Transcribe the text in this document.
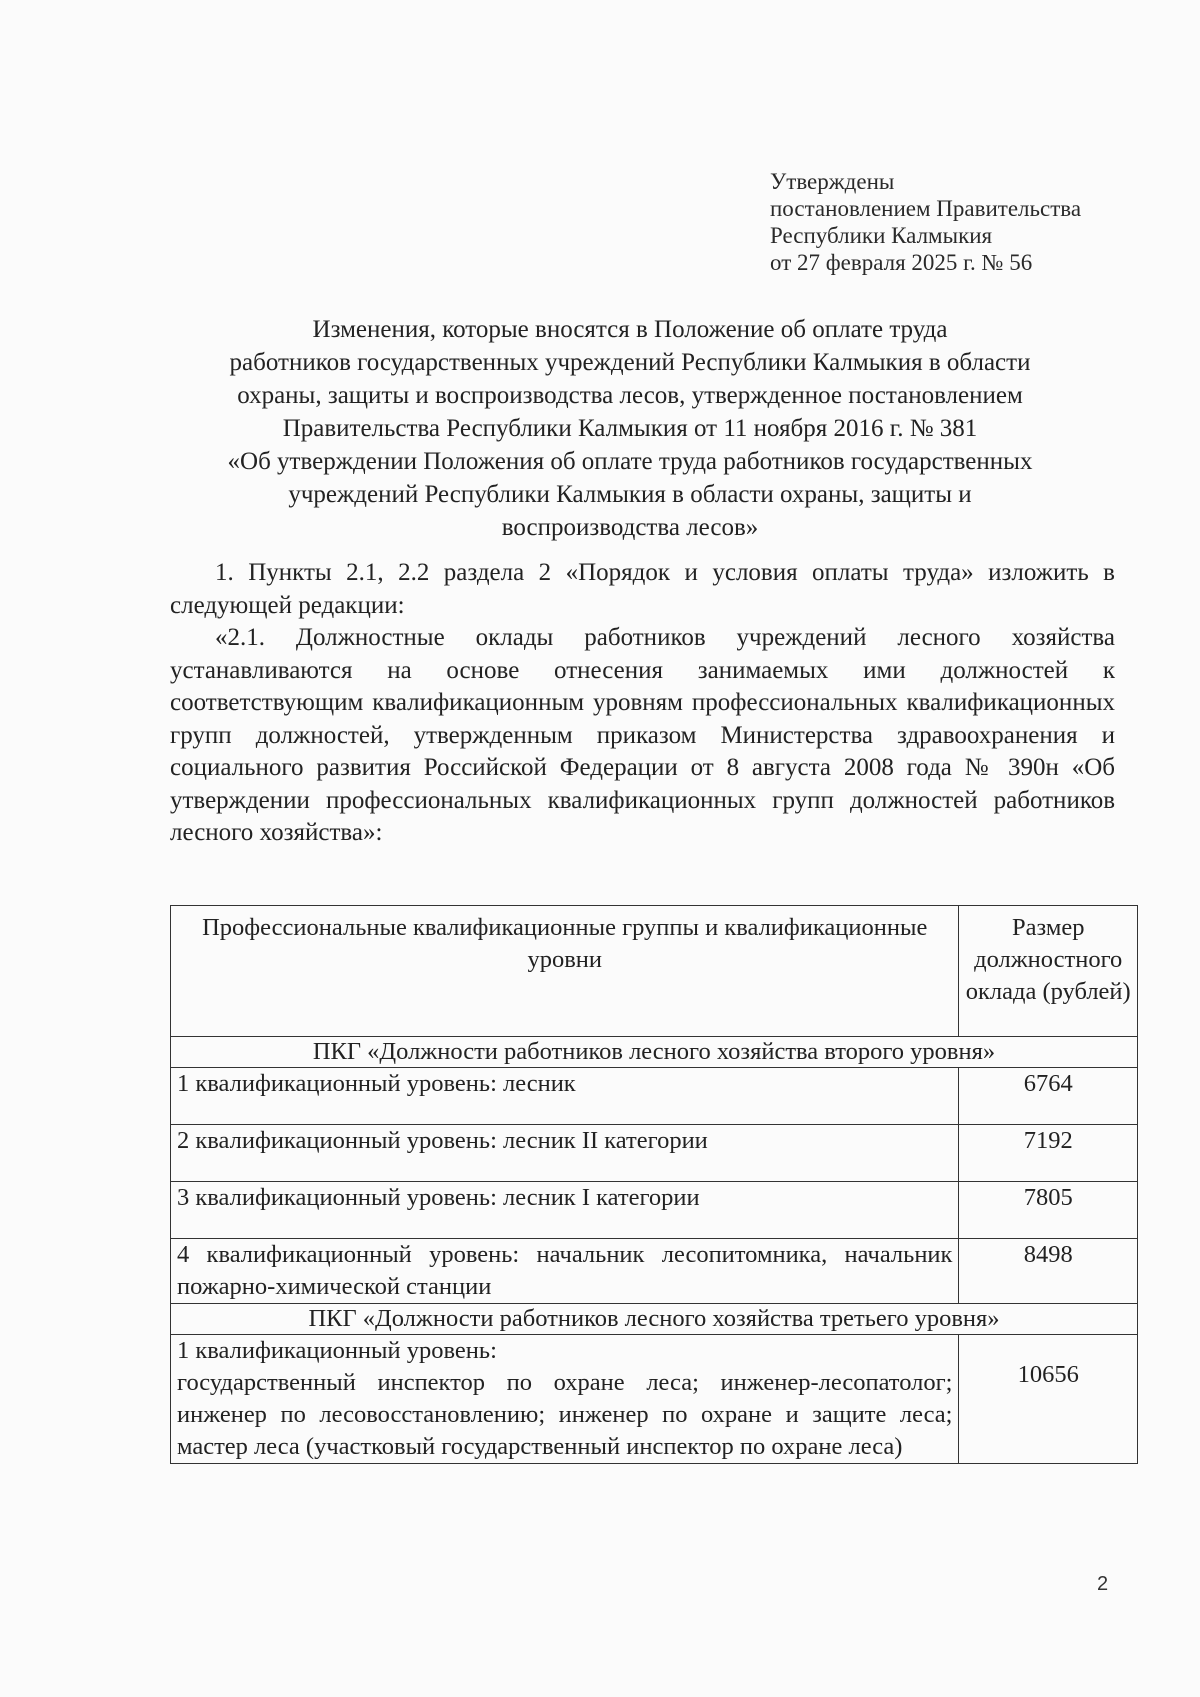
Утверждены
постановлением Правительства
Республики Калмыкия
от 27 февраля 2025 г. № 56
Изменения, которые вносятся в Положение об оплате труда
работников государственных учреждений Республики Калмыкия в области
охраны, защиты и воспроизводства лесов, утвержденное постановлением
Правительства Республики Калмыкия от 11 ноября 2016 г. № 381
«Об утверждении Положения об оплате труда работников государственных
учреждений Республики Калмыкия в области охраны, защиты и
воспроизводства лесов»

1. Пункты 2.1, 2.2 раздела 2 «Порядок и условия оплаты труда» изложить в следующей редакции:

«2.1. Должностные оклады работников учреждений лесного хозяйства устанавливаются на основе отнесения занимаемых ими должностей к соответствующим квалификационным уровням профессиональных квалификационных групп должностей, утвержденным приказом Министерства здравоохранения и социального развития Российской Федерации от 8 августа 2008 года № 390н «Об утверждении профессиональных квалификационных групп должностей работников лесного хозяйства»:

Профессиональные квалификационные группы и квалификационные уровни	Размер должностного оклада (рублей)
ПКГ «Должности работников лесного хозяйства второго уровня»	
1 квалификационный уровень: лесник	6764
2 квалификационный уровень: лесник II категории	7192
3 квалификационный уровень: лесник I категории	7805
4 квалификационный уровень: начальник лесопитомника, начальник пожарно-химической станции	8498
ПКГ «Должности работников лесного хозяйства третьего уровня»	

1 квалификационный уровень:
государственный инспектор по охране леса; инженер-лесопатолог; инженер по лесовосстановлению; инженер по охране и защите леса; мастер леса (участковый государственный инспектор по охране леса)	10656
2
